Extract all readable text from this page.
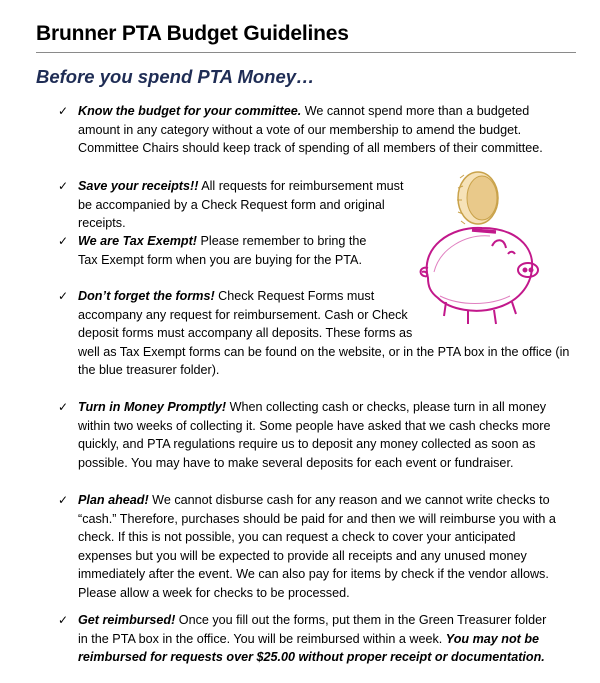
Brunner PTA Budget Guidelines
Before you spend PTA Money…
✓ Know the budget for your committee. We cannot spend more than a budgeted amount in any category without a vote of our membership to amend the budget. Committee Chairs should keep track of spending of all members of their committee.
✓ Save your receipts!! All requests for reimbursement must be accompanied by a Check Request form and original receipts.
✓ We are Tax Exempt! Please remember to bring the Tax Exempt form when you are buying for the PTA.
✓ Don’t forget the forms! Check Request Forms must accompany any request for reimbursement. Cash or Check deposit forms must accompany all deposits. These forms as well as Tax Exempt forms can be found on the website, or in the PTA box in the office (in the blue treasurer folder).
✓ Turn in Money Promptly! When collecting cash or checks, please turn in all money within two weeks of collecting it. Some people have asked that we cash checks more quickly, and PTA regulations require us to deposit any money collected as soon as possible. You may have to make several deposits for each event or fundraiser.
✓ Plan ahead! We cannot disburse cash for any reason and we cannot write checks to “cash.” Therefore, purchases should be paid for and then we will reimburse you with a check. If this is not possible, you can request a check to cover your anticipated expenses but you will be expected to provide all receipts and any unused money immediately after the event. We can also pay for items by check if the vendor allows. Please allow a week for checks to be processed.
✓ Get reimbursed! Once you fill out the forms, put them in the Green Treasurer folder in the PTA box in the office. You will be reimbursed within a week. You may not be reimbursed for requests over $25.00 without proper receipt or documentation.
